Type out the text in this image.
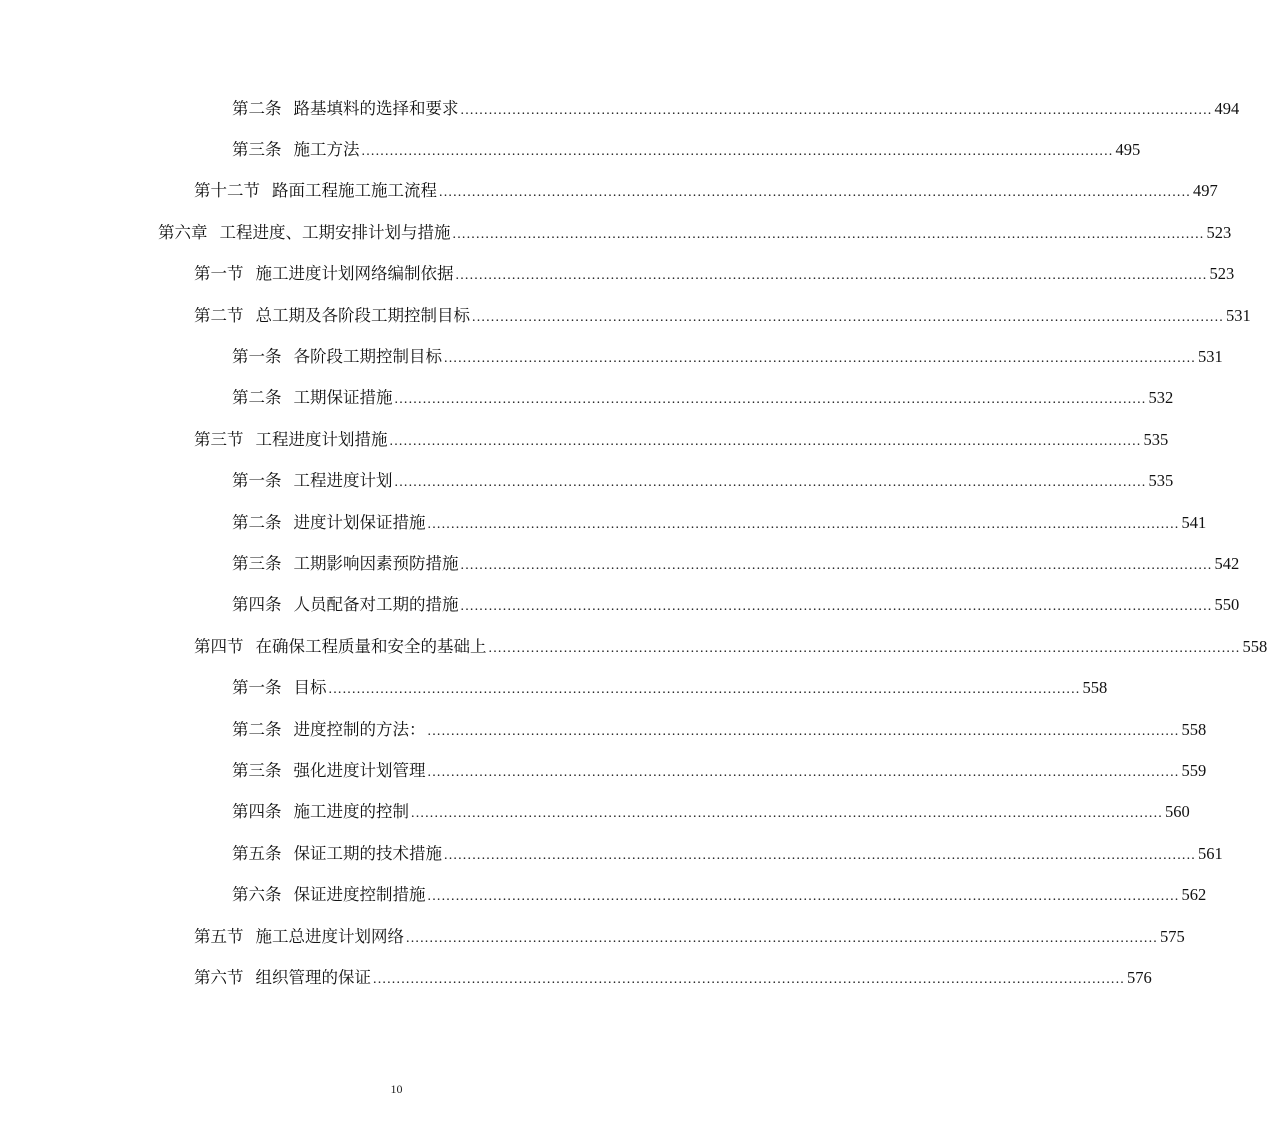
第二条 路基填料的选择和要求 ................................................................................................................................................................ 494
第三条 施工方法 ................................................................................................................................................................ 495
第十二节 路面工程施工施工流程 ................................................................................................................................................................ 497
第六章 工程进度、工期安排计划与措施 ................................................................................................................................................................ 523
第一节 施工进度计划网络编制依据 ................................................................................................................................................................ 523
第二节 总工期及各阶段工期控制目标 ................................................................................................................................................................ 531
第一条 各阶段工期控制目标 ................................................................................................................................................................ 531
第二条 工期保证措施 ................................................................................................................................................................ 532
第三节 工程进度计划措施 ................................................................................................................................................................ 535
第一条 工程进度计划 ................................................................................................................................................................ 535
第二条 进度计划保证措施 ................................................................................................................................................................ 541
第三条 工期影响因素预防措施 ................................................................................................................................................................ 542
第四条 人员配备对工期的措施 ................................................................................................................................................................ 550
第四节 在确保工程质量和安全的基础上 ................................................................................................................................................................ 558
第一条 目标 ................................................................................................................................................................ 558
第二条 进度控制的方法： ................................................................................................................................................................ 558
第三条 强化进度计划管理 ................................................................................................................................................................ 559
第四条 施工进度的控制 ................................................................................................................................................................ 560
第五条 保证工期的技术措施 ................................................................................................................................................................ 561
第六条 保证进度控制措施 ................................................................................................................................................................ 562
第五节 施工总进度计划网络 ................................................................................................................................................................ 575
第六节 组织管理的保证 ................................................................................................................................................................ 576
10
